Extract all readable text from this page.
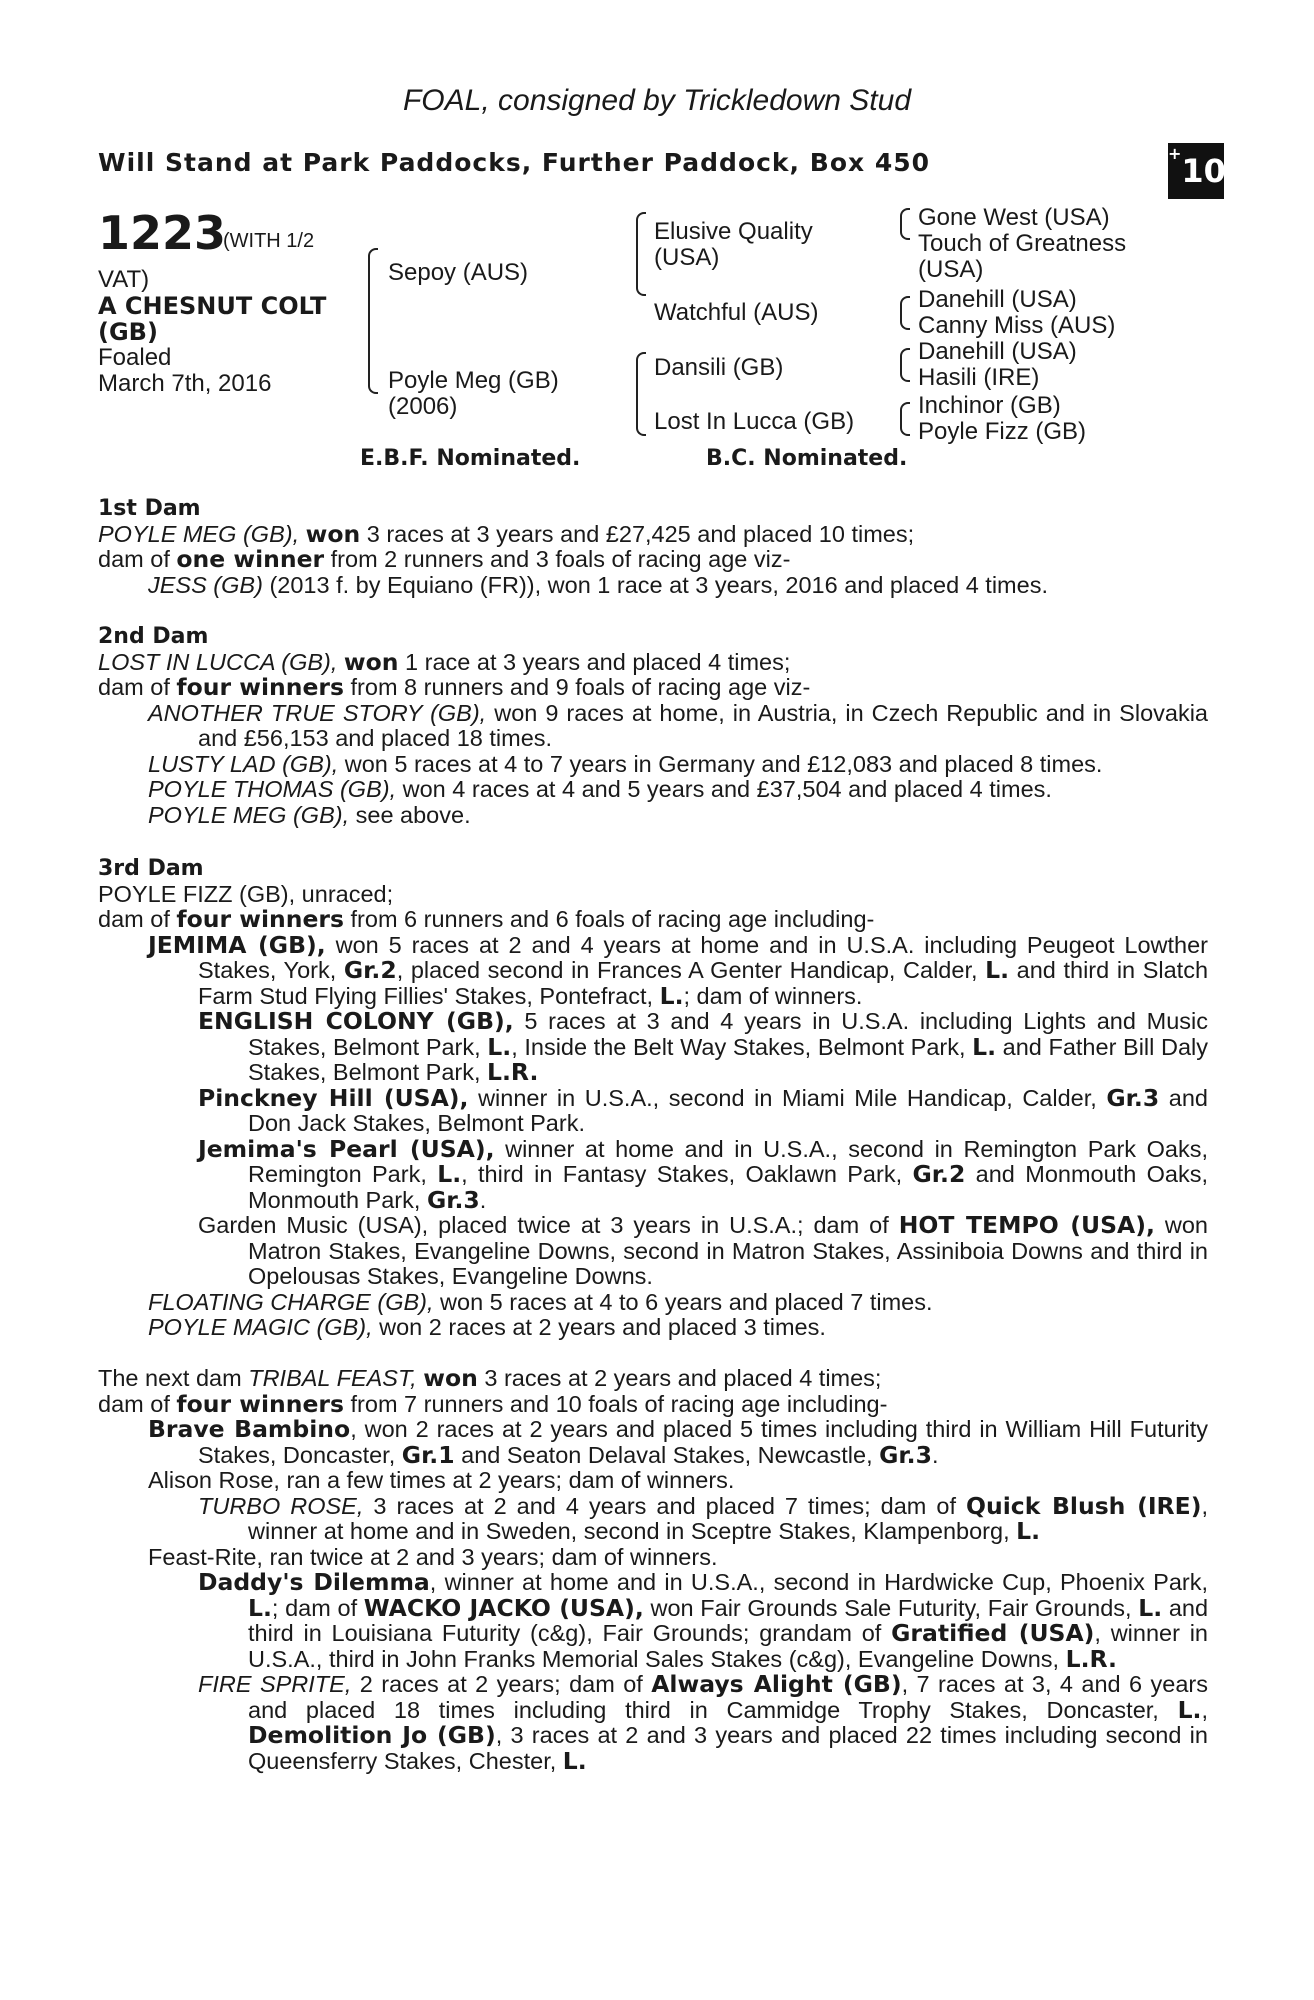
FOAL, consigned by Trickledown Stud
Will Stand at Park Paddocks, Further Paddock, Box 450	+10
1223
(WITH 1/2
VAT)
A CHESNUT COLT
(GB)
Foaled
March 7th, 2016
Sepoy (AUS)
Poyle Meg (GB)
(2006)
Elusive Quality
(USA)
Watchful (AUS)
Dansili (GB)
Lost In Lucca (GB)
Gone West (USA)
Touch of Greatness
(USA)
Danehill (USA)
Canny Miss (AUS)
Danehill (USA)
Hasili (IRE)
Inchinor (GB)
Poyle Fizz (GB)
E.B.F. Nominated.	B.C. Nominated.
1st Dam

POYLE MEG (GB), won 3 races at 3 years and £27,425 and placed 10 times;

dam of one winner from 2 runners and 3 foals of racing age viz-

JESS (GB) (2013 f. by Equiano (FR)), won 1 race at 3 years, 2016 and placed 4 times.

2nd Dam

LOST IN LUCCA (GB), won 1 race at 3 years and placed 4 times;

dam of four winners from 8 runners and 9 foals of racing age viz-

ANOTHER TRUE STORY (GB), won 9 races at home, in Austria, in Czech Republic and in Slovakia and £56,153 and placed 18 times.

LUSTY LAD (GB), won 5 races at 4 to 7 years in Germany and £12,083 and placed 8 times.

POYLE THOMAS (GB), won 4 races at 4 and 5 years and £37,504 and placed 4 times.

POYLE MEG (GB), see above.

3rd Dam

POYLE FIZZ (GB), unraced;

dam of four winners from 6 runners and 6 foals of racing age including-

JEMIMA (GB), won 5 races at 2 and 4 years at home and in U.S.A. including Peugeot Lowther Stakes, York, Gr.2, placed second in Frances A Genter Handicap, Calder, L. and third in Slatch Farm Stud Flying Fillies' Stakes, Pontefract, L.; dam of winners.

ENGLISH COLONY (GB), 5 races at 3 and 4 years in U.S.A. including Lights and Music Stakes, Belmont Park, L., Inside the Belt Way Stakes, Belmont Park, L. and Father Bill Daly Stakes, Belmont Park, L.R.

Pinckney Hill (USA), winner in U.S.A., second in Miami Mile Handicap, Calder, Gr.3 and Don Jack Stakes, Belmont Park.

Jemima's Pearl (USA), winner at home and in U.S.A., second in Remington Park Oaks, Remington Park, L., third in Fantasy Stakes, Oaklawn Park, Gr.2 and Monmouth Oaks, Monmouth Park, Gr.3.

Garden Music (USA), placed twice at 3 years in U.S.A.; dam of HOT TEMPO (USA), won Matron Stakes, Evangeline Downs, second in Matron Stakes, Assiniboia Downs and third in Opelousas Stakes, Evangeline Downs.

FLOATING CHARGE (GB), won 5 races at 4 to 6 years and placed 7 times.

POYLE MAGIC (GB), won 2 races at 2 years and placed 3 times.

The next dam TRIBAL FEAST, won 3 races at 2 years and placed 4 times;

dam of four winners from 7 runners and 10 foals of racing age including-

Brave Bambino, won 2 races at 2 years and placed 5 times including third in William Hill Futurity Stakes, Doncaster, Gr.1 and Seaton Delaval Stakes, Newcastle, Gr.3.

Alison Rose, ran a few times at 2 years; dam of winners.

TURBO ROSE, 3 races at 2 and 4 years and placed 7 times; dam of Quick Blush (IRE), winner at home and in Sweden, second in Sceptre Stakes, Klampenborg, L.

Feast-Rite, ran twice at 2 and 3 years; dam of winners.

Daddy's Dilemma, winner at home and in U.S.A., second in Hardwicke Cup, Phoenix Park, L.; dam of WACKO JACKO (USA), won Fair Grounds Sale Futurity, Fair Grounds, L. and third in Louisiana Futurity (c&g), Fair Grounds; grandam of Gratified (USA), winner in U.S.A., third in John Franks Memorial Sales Stakes (c&g), Evangeline Downs, L.R.

FIRE SPRITE, 2 races at 2 years; dam of Always Alight (GB), 7 races at 3, 4 and 6 years and placed 18 times including third in Cammidge Trophy Stakes, Doncaster, L., Demolition Jo (GB), 3 races at 2 and 3 years and placed 22 times including second in Queensferry Stakes, Chester, L.
